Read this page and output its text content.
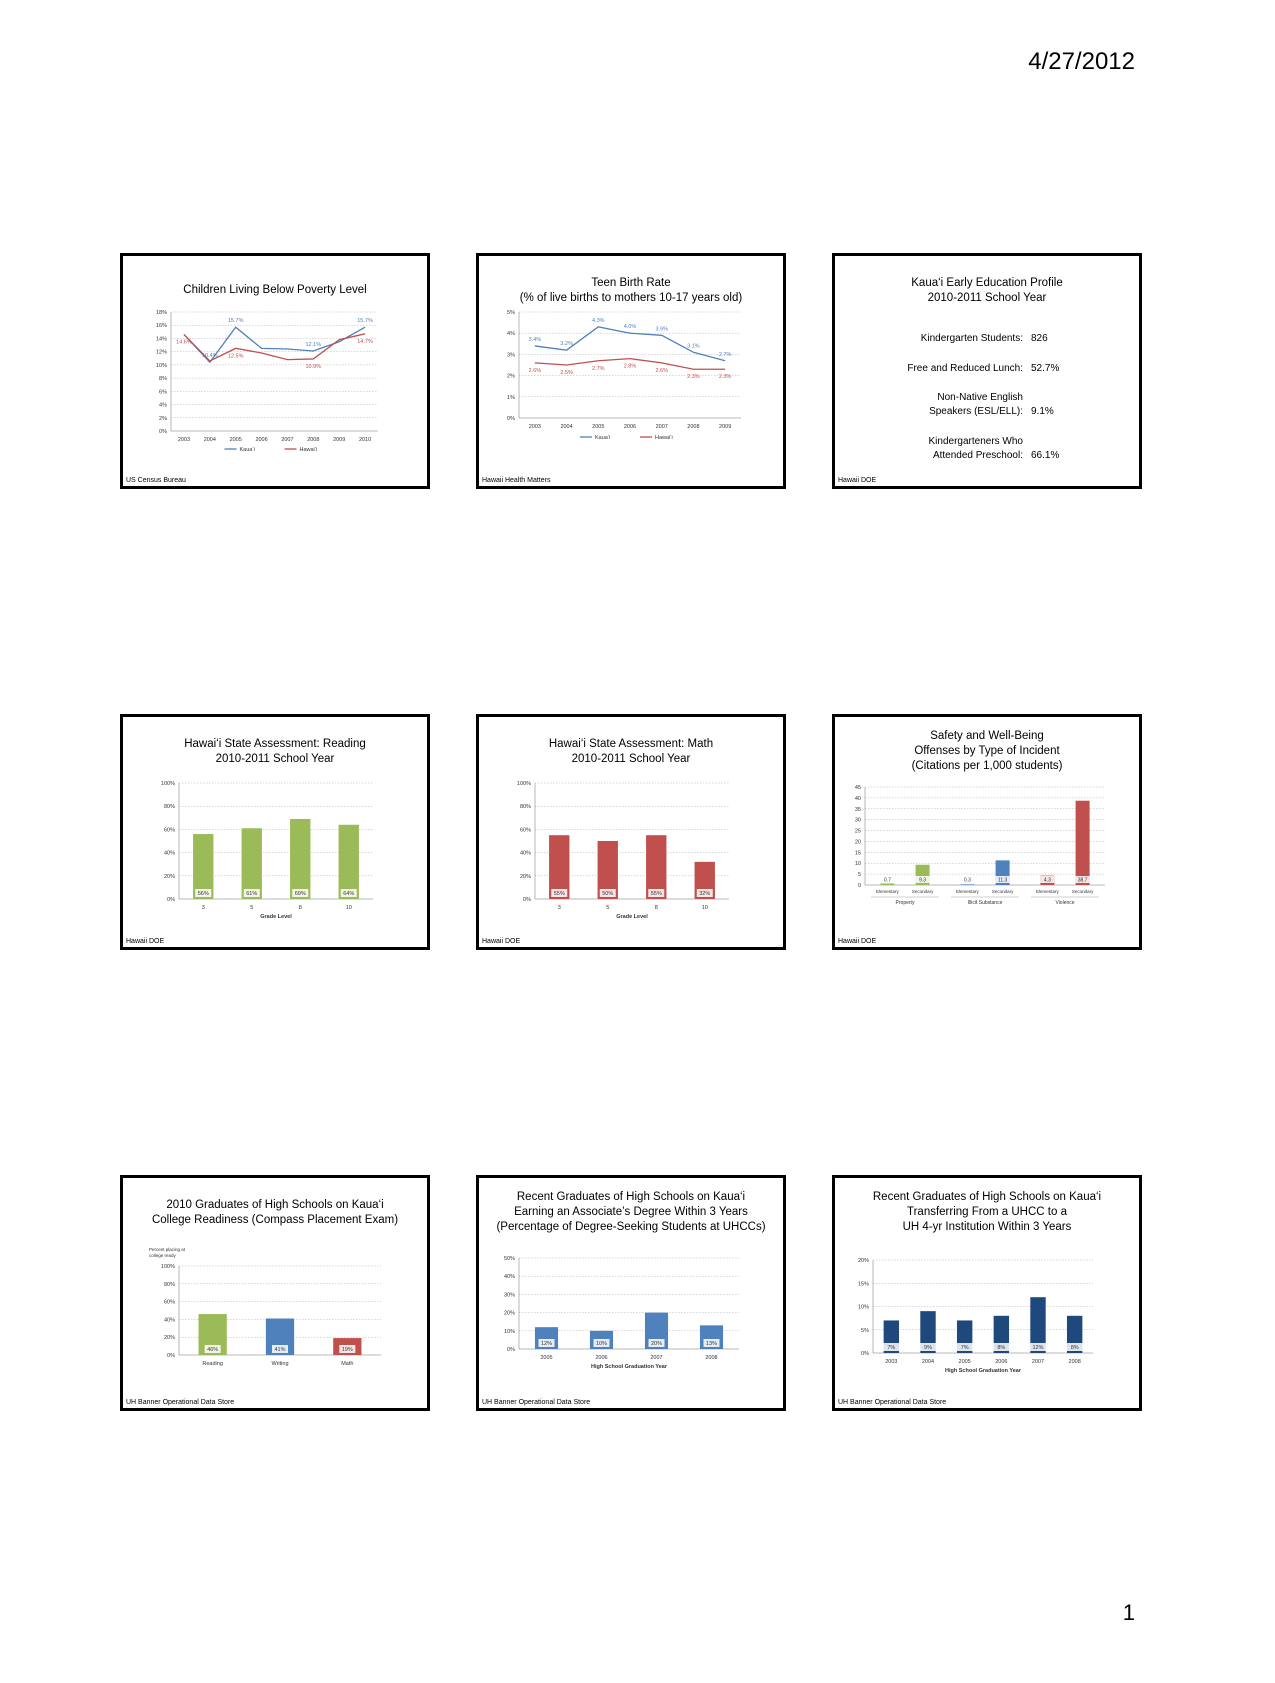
4/27/2012
Children Living Below Poverty Level
0%
2%
4%
6%
8%
10%
12%
14%
16%
18%
2003 2004 2005 2006 2007 2008 2009 2010
14.6%
10.4%
15.7%
12.5%
12.1%
10.9%
15.7%
14.7%
Kaua‘i	Hawai‘i
US Census Bureau
Teen Birth Rate
(% of live births to mothers 10-17 years old)
0%
1%
2%
3%
4%
5%
2003	2004	2005	2006	2007	2008	2009
3.4%
3.2%
4.3%
4.0%	3.9%
3.1%
2.7%
2.6%	2.5%
2.7%	2.8%
2.6%
2.3%	2.3%
Kaua‘i	Hawai‘i
Hawaii Health Matters
Kaua‘i Early Education Profile
2010-2011 School Year
Kindergarten Students: 826
Free and Reduced Lunch: 52.7%
Non-Native English
Speakers (ESL/ELL): 9.1%
Kindergarteners Who
Attended Preschool: 66.1%
Hawaii DOE
Hawai‘i State Assessment: Reading
2010-2011 School Year
0%
20%
40%
60%
80%
100%
56%
3
61%
5
69%
8
64%
10
Grade Level
Hawaii DOE
Hawai‘i State Assessment: Math
2010-2011 School Year
0%
20%
40%
60%
80%
100%
55%
3
50%
5
55%
8
32%
10
Grade Level
Hawaii DOE
Safety and Well-Being
Offenses by Type of Incident
(Citations per 1,000 students)
0
5
10
15
20
25
30
35
40
45
0.7
Elementary
9.3
Secondary
Property
0.3
Elementary
11.3
Secondary
Illicit Substance
4.3
Elementary
38.7
Secondary
Violence
Hawaii DOE
2010 Graduates of High Schools on Kaua‘i
College Readiness (Compass Placement Exam)
0%
20%
40%
60%
80%
100%
46%
Reading
41%
Writing
19%
Math
Percent placing at college ready
UH Banner Operational Data Store
Recent Graduates of High Schools on Kaua‘i
Earning an Associate’s Degree Within 3 Years
(Percentage of Degree-Seeking Students at UHCCs)
0%
10%
20%
30%
40%
50%
12%
2005
10%
2006
20%
2007
13%
2008
High School Graduation Year
UH Banner Operational Data Store
Recent Graduates of High Schools on Kaua‘i
Transferring From a UHCC to a
UH 4-yr Institution Within 3 Years
0%
5%
10%
15%
20%
7%
2003
9%
2004
7%
2005
8%
2006
12%
2007
8%
2008
High School Graduation Year
UH Banner Operational Data Store
1
